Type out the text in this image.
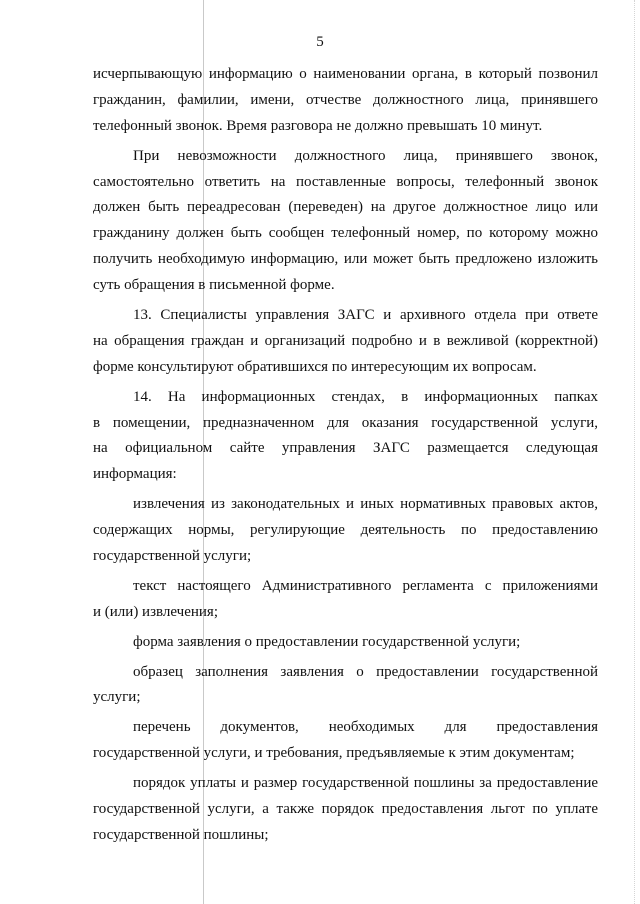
5
исчерпывающую информацию о наименовании органа, в который позвонил
гражданин, фамилии, имени, отчестве должностного лица, принявшего
телефонный звонок. Время разговора не должно превышать 10 минут.
При невозможности должностного лица, принявшего звонок,
самостоятельно ответить на поставленные вопросы, телефонный звонок
должен быть переадресован (переведен) на другое должностное лицо или
гражданину должен быть сообщен телефонный номер, по которому можно
получить необходимую информацию, или может быть предложено изложить
суть обращения в письменной форме.
13. Специалисты управления ЗАГС и архивного отдела при ответе
на обращения граждан и организаций подробно и в вежливой (корректной)
форме консультируют обратившихся по интересующим их вопросам.
14. На информационных стендах, в информационных папках
в помещении, предназначенном для оказания государственной услуги,
на официальном сайте управления ЗАГС размещается следующая
информация:
извлечения из законодательных и иных нормативных правовых актов,
содержащих нормы, регулирующие деятельность по предоставлению
государственной услуги;
текст настоящего Административного регламента с приложениями
и (или) извлечения;
форма заявления о предоставлении государственной услуги;
образец заполнения заявления о предоставлении государственной
услуги;
перечень документов, необходимых для предоставления
государственной услуги, и требования, предъявляемые к этим документам;
порядок уплаты и размер государственной пошлины за предоставление
государственной услуги, а также порядок предоставления льгот по уплате
государственной пошлины;
